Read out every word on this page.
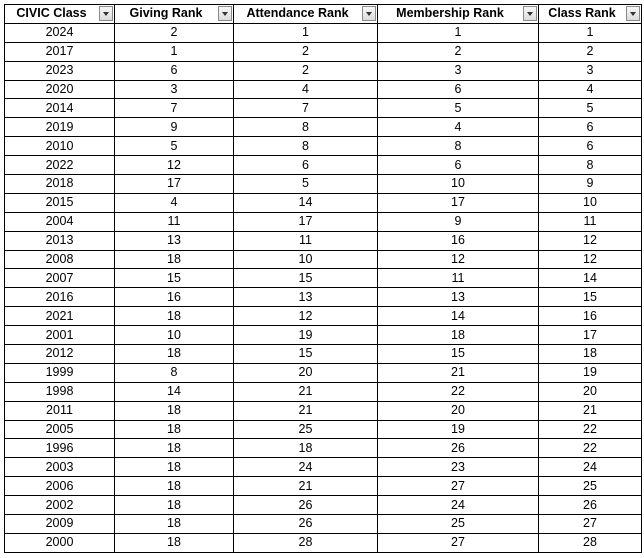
CIVIC Class	Giving Rank	Attendance Rank	Membership Rank	Class Rank

2024	2	1	1	1
2017	1	2	2	2
2023	6	2	3	3
2020	3	4	6	4
2014	7	7	5	5
2019	9	8	4	6
2010	5	8	8	6
2022	12	6	6	8
2018	17	5	10	9
2015	4	14	17	10
2004	11	17	9	11
2013	13	11	16	12
2008	18	10	12	12
2007	15	15	11	14
2016	16	13	13	15
2021	18	12	14	16
2001	10	19	18	17
2012	18	15	15	18
1999	8	20	21	19
1998	14	21	22	20
2011	18	21	20	21
2005	18	25	19	22
1996	18	18	26	22
2003	18	24	23	24
2006	18	21	27	25
2002	18	26	24	26
2009	18	26	25	27
2000	18	28	27	28
